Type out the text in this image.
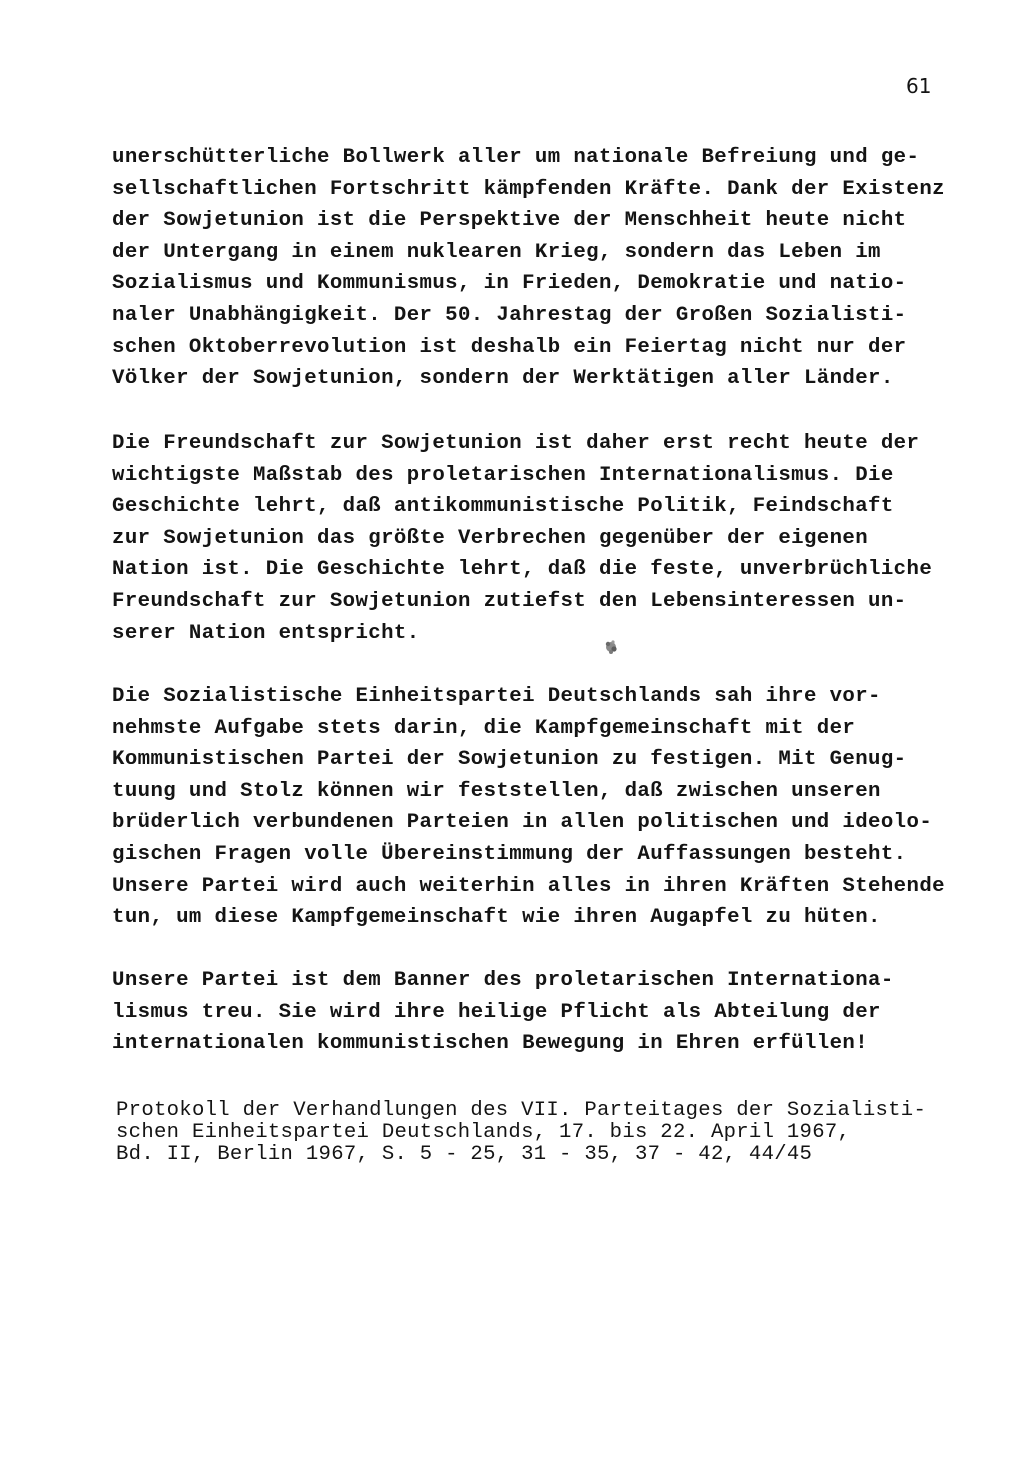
61
unerschütterliche Bollwerk aller um nationale Befreiung und ge-
sellschaftlichen Fortschritt kämpfenden Kräfte. Dank der Existenz
der Sowjetunion ist die Perspektive der Menschheit heute nicht
der Untergang in einem nuklearen Krieg, sondern das Leben im
Sozialismus und Kommunismus, in Frieden, Demokratie und natio-
naler Unabhängigkeit. Der 50. Jahrestag der Großen Sozialisti-
schen Oktoberrevolution ist deshalb ein Feiertag nicht nur der
Völker der Sowjetunion, sondern der Werktätigen aller Länder.
Die Freundschaft zur Sowjetunion ist daher erst recht heute der
wichtigste Maßstab des proletarischen Internationalismus. Die
Geschichte lehrt, daß antikommunistische Politik, Feindschaft
zur Sowjetunion das größte Verbrechen gegenüber der eigenen
Nation ist. Die Geschichte lehrt, daß die feste, unverbrüchliche
Freundschaft zur Sowjetunion zutiefst den Lebensinteressen un-
serer Nation entspricht.
Die Sozialistische Einheitspartei Deutschlands sah ihre vor-
nehmste Aufgabe stets darin, die Kampfgemeinschaft mit der
Kommunistischen Partei der Sowjetunion zu festigen. Mit Genug-
tuung und Stolz können wir feststellen, daß zwischen unseren
brüderlich verbundenen Parteien in allen politischen und ideolo-
gischen Fragen volle Übereinstimmung der Auffassungen besteht.
Unsere Partei wird auch weiterhin alles in ihren Kräften Stehende
tun, um diese Kampfgemeinschaft wie ihren Augapfel zu hüten.
Unsere Partei ist dem Banner des proletarischen Internationa-
lismus treu. Sie wird ihre heilige Pflicht als Abteilung der
internationalen kommunistischen Bewegung in Ehren erfüllen!
Protokoll der Verhandlungen des VII. Parteitages der Sozialisti-
schen Einheitspartei Deutschlands, 17. bis 22. April 1967,
Bd. II, Berlin 1967, S. 5 - 25, 31 - 35, 37 - 42, 44/45
